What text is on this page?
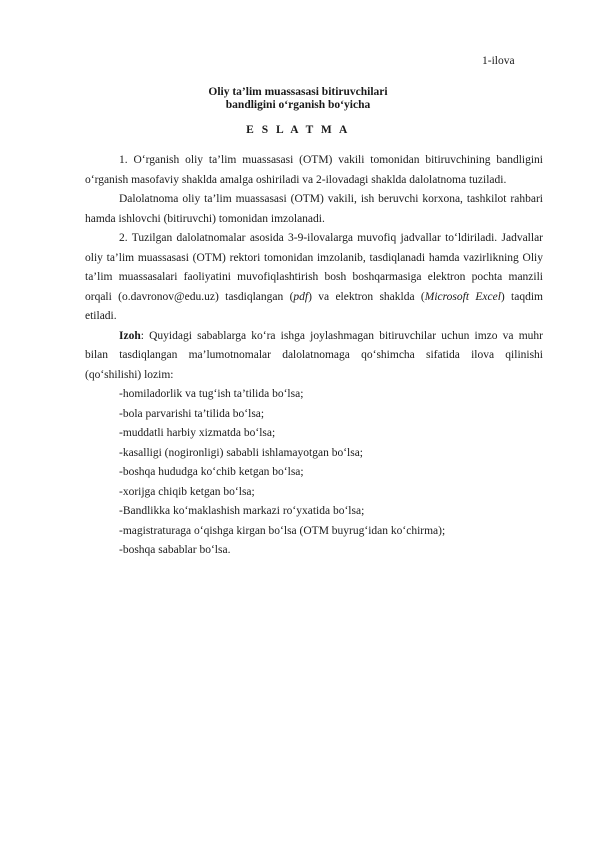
1-ilova
Oliy ta’lim muassasasi bitiruvchilari
bandligini o‘rganish bo‘yicha
E S L A T M A

1. O‘rganish oliy ta’lim muassasasi (OTM) vakili tomonidan bitiruvchining bandligini o‘rganish masofaviy shaklda amalga oshiriladi va 2-ilovadagi shaklda dalolatnoma tuziladi.

Dalolatnoma oliy ta’lim muassasasi (OTM) vakili, ish beruvchi korxona, tashkilot rahbari hamda ishlovchi (bitiruvchi) tomonidan imzolanadi.

2. Tuzilgan dalolatnomalar asosida 3-9-ilovalarga muvofiq jadvallar to‘ldiriladi. Jadvallar oliy ta’lim muassasasi (OTM) rektori tomonidan imzolanib, tasdiqlanadi hamda vazirlikning Oliy ta’lim muassasalari faoliyatini muvofiqlashtirish bosh boshqarmasiga elektron pochta manzili orqali (o.davronov@edu.uz) tasdiqlangan (pdf) va elektron shaklda (Microsoft Excel) taqdim etiladi.

Izoh: Quyidagi sabablarga ko‘ra ishga joylashmagan bitiruvchilar uchun imzo va muhr bilan tasdiqlangan ma’lumotnomalar dalolatnomaga qo‘shimcha sifatida ilova qilinishi (qo‘shilishi) lozim:

-homiladorlik va tug‘ish ta’tilida bo‘lsa;
-bola parvarishi ta’tilida bo‘lsa;
-muddatli harbiy xizmatda bo‘lsa;
-kasalligi (nogironligi) sababli ishlamayotgan bo‘lsa;
-boshqa hududga ko‘chib ketgan bo‘lsa;
-xorijga chiqib ketgan bo‘lsa;
-Bandlikka ko‘maklashish markazi ro‘yxatida bo‘lsa;
-magistraturaga o‘qishga kirgan bo‘lsa (OTM buyrug‘idan ko‘chirma);
-boshqa sabablar bo‘lsa.
